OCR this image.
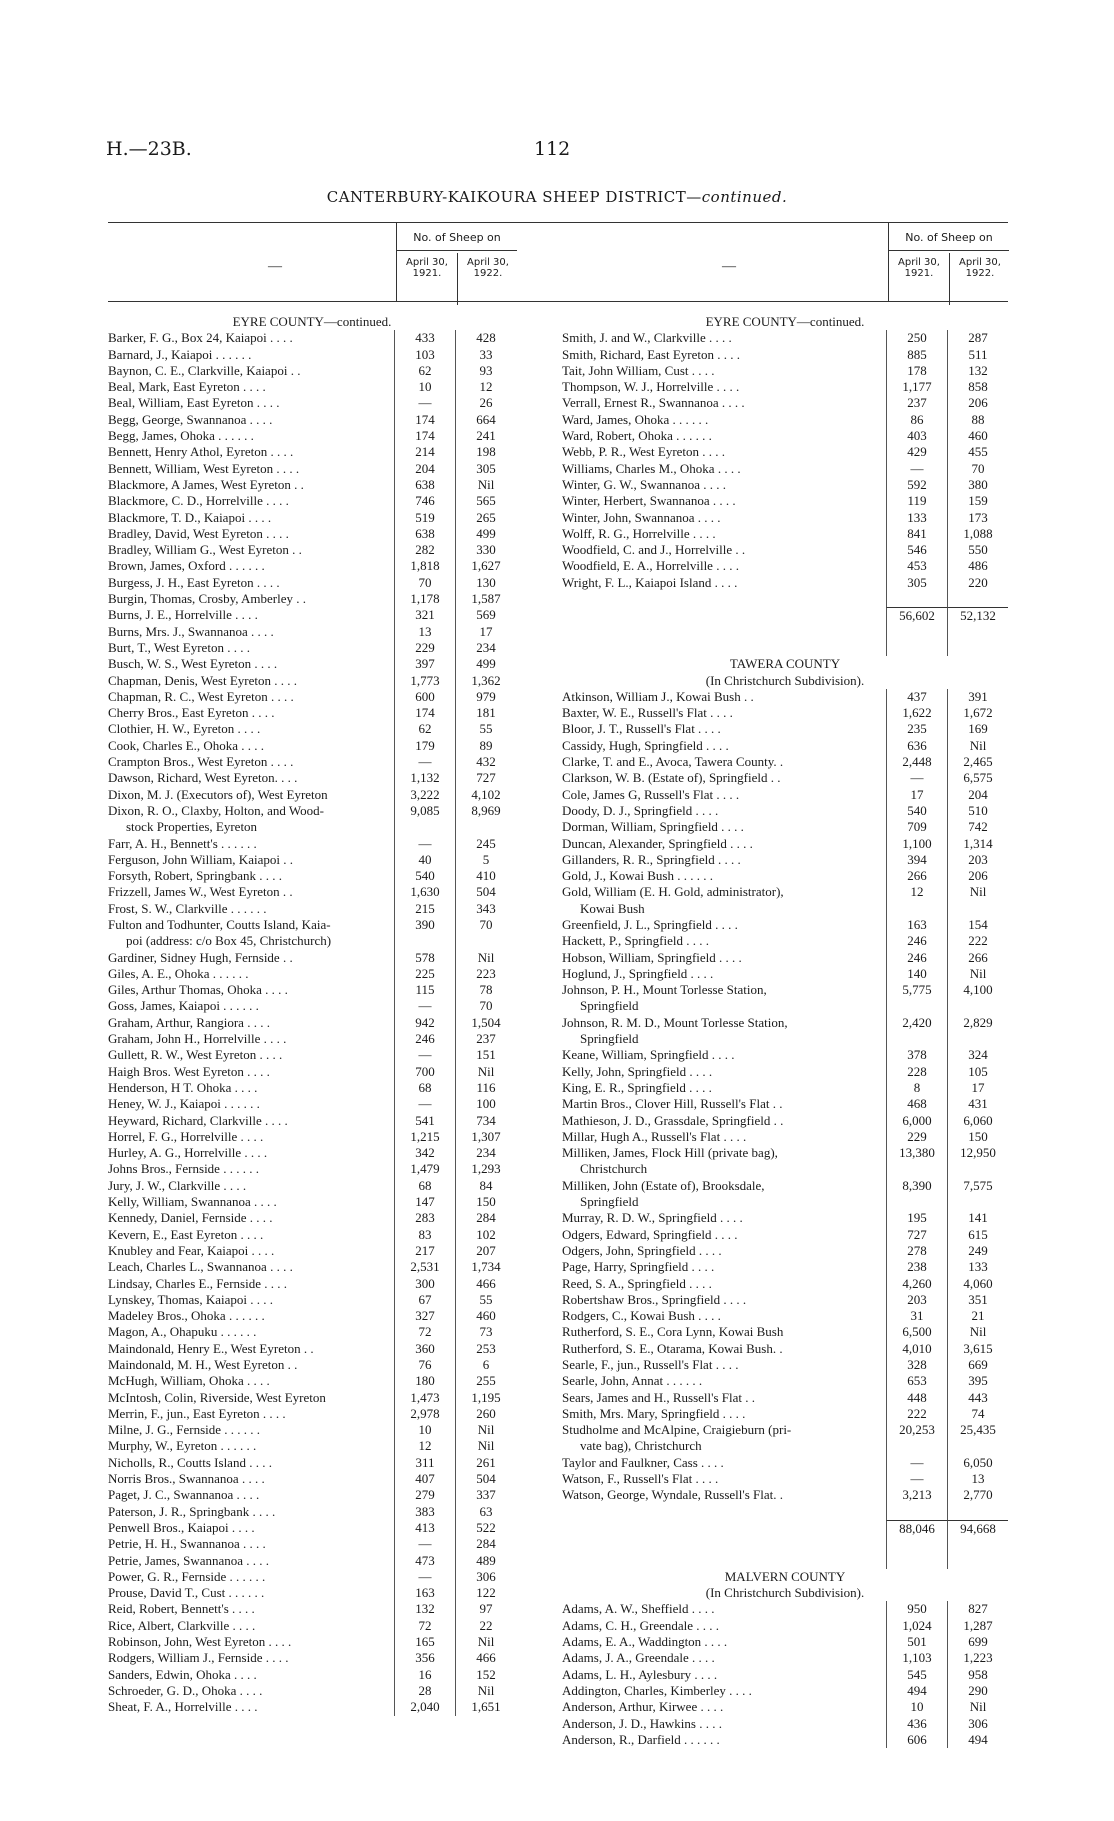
H.—23B.	112
CANTERBURY-KAIKOURA SHEEP DISTRICT—continued.
—
No. of Sheep on
April 30,
1921.
April 30,
1922.
EYRE COUNTY—continued.
Barker, F. G., Box 24, Kaiapoi . . . .	433	428
Barnard, J., Kaiapoi . . . . . .	103	33
Baynon, C. E., Clarkville, Kaiapoi . .	62	93
Beal, Mark, East Eyreton . . . .	10	12
Beal, William, East Eyreton . . . .	—	26
Begg, George, Swannanoa . . . .	174	664
Begg, James, Ohoka . . . . . .	174	241
Bennett, Henry Athol, Eyreton . . . .	214	198
Bennett, William, West Eyreton . . . .	204	305
Blackmore, A James, West Eyreton . .	638	Nil
Blackmore, C. D., Horrelville . . . .	746	565
Blackmore, T. D., Kaiapoi . . . .	519	265
Bradley, David, West Eyreton . . . .	638	499
Bradley, William G., West Eyreton . .	282	330
Brown, James, Oxford . . . . . .	1,818	1,627
Burgess, J. H., East Eyreton . . . .	70	130
Burgin, Thomas, Crosby, Amberley . .	1,178	1,587
Burns, J. E., Horrelville . . . .	321	569
Burns, Mrs. J., Swannanoa . . . .	13	17
Burt, T., West Eyreton . . . .	229	234
Busch, W. S., West Eyreton . . . .	397	499
Chapman, Denis, West Eyreton . . . .	1,773	1,362
Chapman, R. C., West Eyreton . . . .	600	979
Cherry Bros., East Eyreton . . . .	174	181
Clothier, H. W., Eyreton . . . .	62	55
Cook, Charles E., Ohoka . . . .	179	89
Crampton Bros., West Eyreton . . . .	—	432
Dawson, Richard, West Eyreton. . . .	1,132	727
Dixon, M. J. (Executors of), West Eyreton	3,222	4,102
Dixon, R. O., Claxby, Holton, and Wood-	9,085	8,969
stock Properties, Eyreton
Farr, A. H., Bennett's . . . . . .	—	245
Ferguson, John William, Kaiapoi . .	40	5
Forsyth, Robert, Springbank . . . .	540	410
Frizzell, James W., West Eyreton . .	1,630	504
Frost, S. W., Clarkville . . . . . .	215	343
Fulton and Todhunter, Coutts Island, Kaia-	390	70
poi (address: c/o Box 45, Christchurch)
Gardiner, Sidney Hugh, Fernside . .	578	Nil
Giles, A. E., Ohoka . . . . . .	225	223
Giles, Arthur Thomas, Ohoka . . . .	115	78
Goss, James, Kaiapoi . . . . . .	—	70
Graham, Arthur, Rangiora . . . .	942	1,504
Graham, John H., Horrelville . . . .	246	237
Gullett, R. W., West Eyreton . . . .	—	151
Haigh Bros. West Eyreton . . . .	700	Nil
Henderson, H T. Ohoka . . . .	68	116
Heney, W. J., Kaiapoi . . . . . .	—	100
Heyward, Richard, Clarkville . . . .	541	734
Horrel, F. G., Horrelville . . . .	1,215	1,307
Hurley, A. G., Horrelville . . . .	342	234
Johns Bros., Fernside . . . . . .	1,479	1,293
Jury, J. W., Clarkville . . . .	68	84
Kelly, William, Swannanoa . . . .	147	150
Kennedy, Daniel, Fernside . . . .	283	284
Kevern, E., East Eyreton . . . .	83	102
Knubley and Fear, Kaiapoi . . . .	217	207
Leach, Charles L., Swannanoa . . . .	2,531	1,734
Lindsay, Charles E., Fernside . . . .	300	466
Lynskey, Thomas, Kaiapoi . . . .	67	55
Madeley Bros., Ohoka . . . . . .	327	460
Magon, A., Ohapuku . . . . . .	72	73
Maindonald, Henry E., West Eyreton . .	360	253
Maindonald, M. H., West Eyreton . .	76	6
McHugh, William, Ohoka . . . .	180	255
McIntosh, Colin, Riverside, West Eyreton	1,473	1,195
Merrin, F., jun., East Eyreton . . . .	2,978	260
Milne, J. G., Fernside . . . . . .	10	Nil
Murphy, W., Eyreton . . . . . .	12	Nil
Nicholls, R., Coutts Island . . . .	311	261
Norris Bros., Swannanoa . . . .	407	504
Paget, J. C., Swannanoa . . . .	279	337
Paterson, J. R., Springbank . . . .	383	63
Penwell Bros., Kaiapoi . . . .	413	522
Petrie, H. H., Swannanoa . . . .	—	284
Petrie, James, Swannanoa . . . .	473	489
Power, G. R., Fernside . . . . . .	—	306
Prouse, David T., Cust . . . . . .	163	122
Reid, Robert, Bennett's . . . .	132	97
Rice, Albert, Clarkville . . . .	72	22
Robinson, John, West Eyreton . . . .	165	Nil
Rodgers, William J., Fernside . . . .	356	466
Sanders, Edwin, Ohoka . . . .	16	152
Schroeder, G. D., Ohoka . . . .	28	Nil
Sheat, F. A., Horrelville . . . .	2,040	1,651
—
No. of Sheep on
April 30,
1921.
April 30,
1922.
EYRE COUNTY—continued.
Smith, J. and W., Clarkville . . . .	250	287
Smith, Richard, East Eyreton . . . .	885	511
Tait, John William, Cust . . . .	178	132
Thompson, W. J., Horrelville . . . .	1,177	858
Verrall, Ernest R., Swannanoa . . . .	237	206
Ward, James, Ohoka . . . . . .	86	88
Ward, Robert, Ohoka . . . . . .	403	460
Webb, P. R., West Eyreton . . . .	429	455
Williams, Charles M., Ohoka . . . .	—	70
Winter, G. W., Swannanoa . . . .	592	380
Winter, Herbert, Swannanoa . . . .	119	159
Winter, John, Swannanoa . . . .	133	173
Wolff, R. G., Horrelville . . . .	841	1,088
Woodfield, C. and J., Horrelville . .	546	550
Woodfield, E. A., Horrelville . . . .	453	486
Wright, F. L., Kaiapoi Island . . . .	305	220
56,602	52,132
TAWERA COUNTY
(In Christchurch Subdivision).
Atkinson, William J., Kowai Bush . .	437	391
Baxter, W. E., Russell's Flat . . . .	1,622	1,672
Bloor, J. T., Russell's Flat . . . .	235	169
Cassidy, Hugh, Springfield . . . .	636	Nil
Clarke, T. and E., Avoca, Tawera County. .	2,448	2,465
Clarkson, W. B. (Estate of), Springfield . .	—	6,575
Cole, James G, Russell's Flat . . . .	17	204
Doody, D. J., Springfield . . . .	540	510
Dorman, William, Springfield . . . .	709	742
Duncan, Alexander, Springfield . . . .	1,100	1,314
Gillanders, R. R., Springfield . . . .	394	203
Gold, J., Kowai Bush . . . . . .	266	206
Gold, William (E. H. Gold, administrator),	12	Nil
Kowai Bush
Greenfield, J. L., Springfield . . . .	163	154
Hackett, P., Springfield . . . .	246	222
Hobson, William, Springfield . . . .	246	266
Hoglund, J., Springfield . . . .	140	Nil
Johnson, P. H., Mount Torlesse Station,	5,775	4,100
Springfield
Johnson, R. M. D., Mount Torlesse Station,	2,420	2,829
Springfield
Keane, William, Springfield . . . .	378	324
Kelly, John, Springfield . . . .	228	105
King, E. R., Springfield . . . .	8	17
Martin Bros., Clover Hill, Russell's Flat . .	468	431
Mathieson, J. D., Grassdale, Springfield . .	6,000	6,060
Millar, Hugh A., Russell's Flat . . . .	229	150
Milliken, James, Flock Hill (private bag),	13,380	12,950
Christchurch
Milliken, John (Estate of), Brooksdale,	8,390	7,575
Springfield
Murray, R. D. W., Springfield . . . .	195	141
Odgers, Edward, Springfield . . . .	727	615
Odgers, John, Springfield . . . .	278	249
Page, Harry, Springfield . . . .	238	133
Reed, S. A., Springfield . . . .	4,260	4,060
Robertshaw Bros., Springfield . . . .	203	351
Rodgers, C., Kowai Bush . . . .	31	21
Rutherford, S. E., Cora Lynn, Kowai Bush	6,500	Nil
Rutherford, S. E., Otarama, Kowai Bush. .	4,010	3,615
Searle, F., jun., Russell's Flat . . . .	328	669
Searle, John, Annat . . . . . .	653	395
Sears, James and H., Russell's Flat . .	448	443
Smith, Mrs. Mary, Springfield . . . .	222	74
Studholme and McAlpine, Craigieburn (pri-	20,253	25,435
vate bag), Christchurch
Taylor and Faulkner, Cass . . . .	—	6,050
Watson, F., Russell's Flat . . . .	—	13
Watson, George, Wyndale, Russell's Flat. .	3,213	2,770
88,046	94,668
MALVERN COUNTY
(In Christchurch Subdivision).
Adams, A. W., Sheffield . . . .	950	827
Adams, C. H., Greendale . . . .	1,024	1,287
Adams, E. A., Waddington . . . .	501	699
Adams, J. A., Greendale . . . .	1,103	1,223
Adams, L. H., Aylesbury . . . .	545	958
Addington, Charles, Kimberley . . . .	494	290
Anderson, Arthur, Kirwee . . . .	10	Nil
Anderson, J. D., Hawkins . . . .	436	306
Anderson, R., Darfield . . . . . .	606	494
